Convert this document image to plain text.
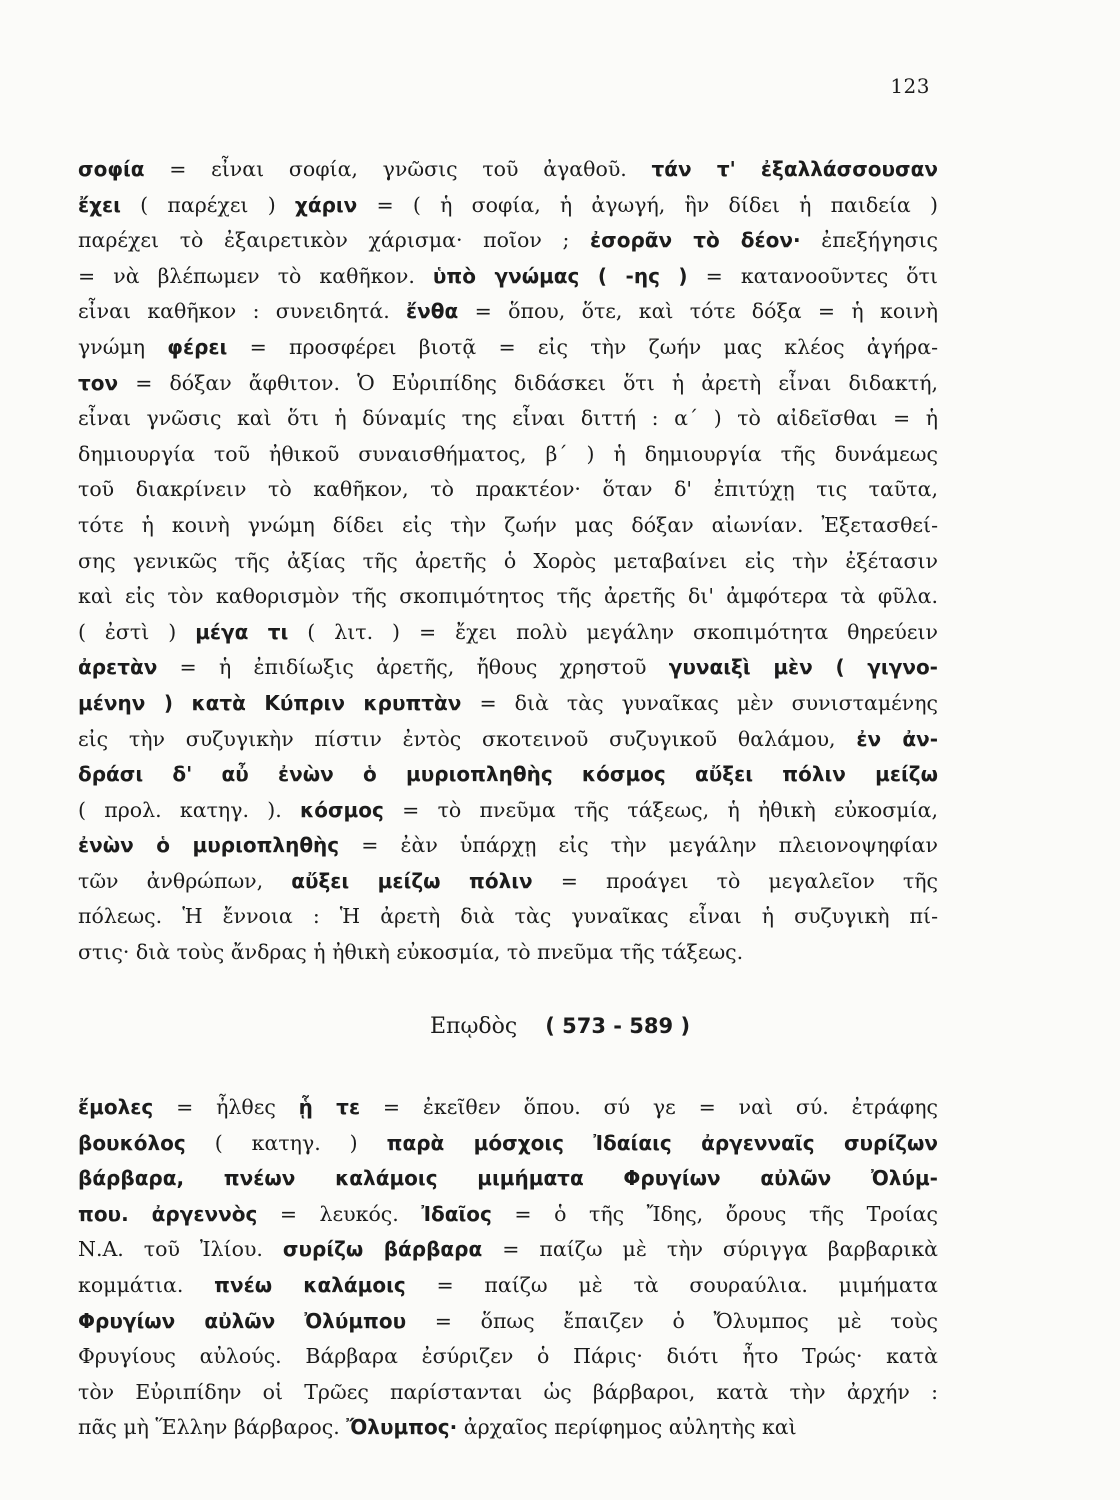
123
σοφία = εἶναι σοφία, γνῶσις τοῦ ἀγαθοῦ. τάν τ' ἐξαλλάσσουσαν
ἔχει ( παρέχει ) χάριν = ( ἡ σοφία, ἡ ἀγωγή, ἣν δίδει ἡ παιδεία )
παρέχει τὸ ἐξαιρετικὸν χάρισμα· ποῖον ; ἐσορᾶν τὸ δέον· ἐπεξήγησις
= νὰ βλέπωμεν τὸ καθῆκον. ὑπὸ γνώμας ( -ης ) = κατανοοῦντες ὅτι
εἶναι καθῆκον : συνειδητά. ἔνθα = ὅπου, ὅτε, καὶ τότε δόξα = ἡ κοινὴ
γνώμη φέρει = προσφέρει βιοτᾷ = εἰς τὴν ζωήν μας κλέος ἀγήρα-
τον = δόξαν ἄφθιτον. Ὁ Εὐριπίδης διδάσκει ὅτι ἡ ἀρετὴ εἶναι διδακτή,
εἶναι γνῶσις καὶ ὅτι ἡ δύναμίς της εἶναι διττή : α΄ ) τὸ αἰδεῖσθαι = ἡ
δημιουργία τοῦ ἠθικοῦ συναισθήματος, β΄ ) ἡ δημιουργία τῆς δυνάμεως
τοῦ διακρίνειν τὸ καθῆκον, τὸ πρακτέον· ὅταν δ' ἐπιτύχῃ τις ταῦτα,
τότε ἡ κοινὴ γνώμη δίδει εἰς τὴν ζωήν μας δόξαν αἰωνίαν. Ἐξετασθεί-
σης γενικῶς τῆς ἀξίας τῆς ἀρετῆς ὁ Χορὸς μεταβαίνει εἰς τὴν ἐξέτασιν
καὶ εἰς τὸν καθορισμὸν τῆς σκοπιμότητος τῆς ἀρετῆς δι' ἀμφότερα τὰ φῦλα.
( ἐστὶ ) μέγα τι ( λιτ. ) = ἔχει πολὺ μεγάλην σκοπιμότητα θηρεύειν
ἀρετὰν = ἡ ἐπιδίωξις ἀρετῆς, ἤθους χρηστοῦ γυναιξὶ μὲν ( γιγνο-
μένην ) κατὰ Κύπριν κρυπτὰν = διὰ τὰς γυναῖκας μὲν συνισταμένης
εἰς τὴν συζυγικὴν πίστιν ἐντὸς σκοτεινοῦ συζυγικοῦ θαλάμου, ἐν ἀν-
δράσι δ' αὖ ἐνὼν ὁ μυριοπληθὴς κόσμος αὔξει πόλιν μείζω
( προλ. κατηγ. ). κόσμος = τὸ πνεῦμα τῆς τάξεως, ἡ ἠθικὴ εὐκοσμία,
ἐνὼν ὁ μυριοπληθὴς = ἐὰν ὑπάρχῃ εἰς τὴν μεγάλην πλειονοψηφίαν
τῶν ἀνθρώπων, αὔξει μείζω πόλιν = προάγει τὸ μεγαλεῖον τῆς
πόλεως. Ἡ ἔννοια : Ἡ ἀρετὴ διὰ τὰς γυναῖκας εἶναι ἡ συζυγικὴ πί-
στις· διὰ τοὺς ἄνδρας ἡ ἠθικὴ εὐκοσμία, τὸ πνεῦμα τῆς τάξεως.
Επῳδὸς ( 573 - 589 )
ἔμολες = ἦλθες ᾗ τε = ἐκεῖθεν ὅπου. σύ γε = ναὶ σύ. ἐτράφης
βουκόλος ( κατηγ. ) παρὰ μόσχοις Ἰδαίαις ἀργενναῖς συρίζων
βάρβαρα, πνέων καλάμοις μιμήματα Φρυγίων αὐλῶν Ὀλύμ-
που. ἀργεννὸς = λευκός. Ἰδαῖος = ὁ τῆς Ἴδης, ὄρους τῆς Τροίας
Ν.Α. τοῦ Ἰλίου. συρίζω βάρβαρα = παίζω μὲ τὴν σύριγγα βαρβαρικὰ
κομμάτια. πνέω καλάμοις = παίζω μὲ τὰ σουραύλια. μιμήματα
Φρυγίων αὐλῶν Ὀλύμπου = ὅπως ἔπαιζεν ὁ Ὄλυμπος μὲ τοὺς
Φρυγίους αὐλούς. Βάρβαρα ἐσύριζεν ὁ Πάρις· διότι ἦτο Τρώς· κατὰ
τὸν Εὐριπίδην οἱ Τρῶες παρίστανται ὡς βάρβαροι, κατὰ τὴν ἀρχήν :
πᾶς μὴ Ἕλλην βάρβαρος. Ὄλυμπος· ἀρχαῖος περίφημος αὐλητὴς καὶ
